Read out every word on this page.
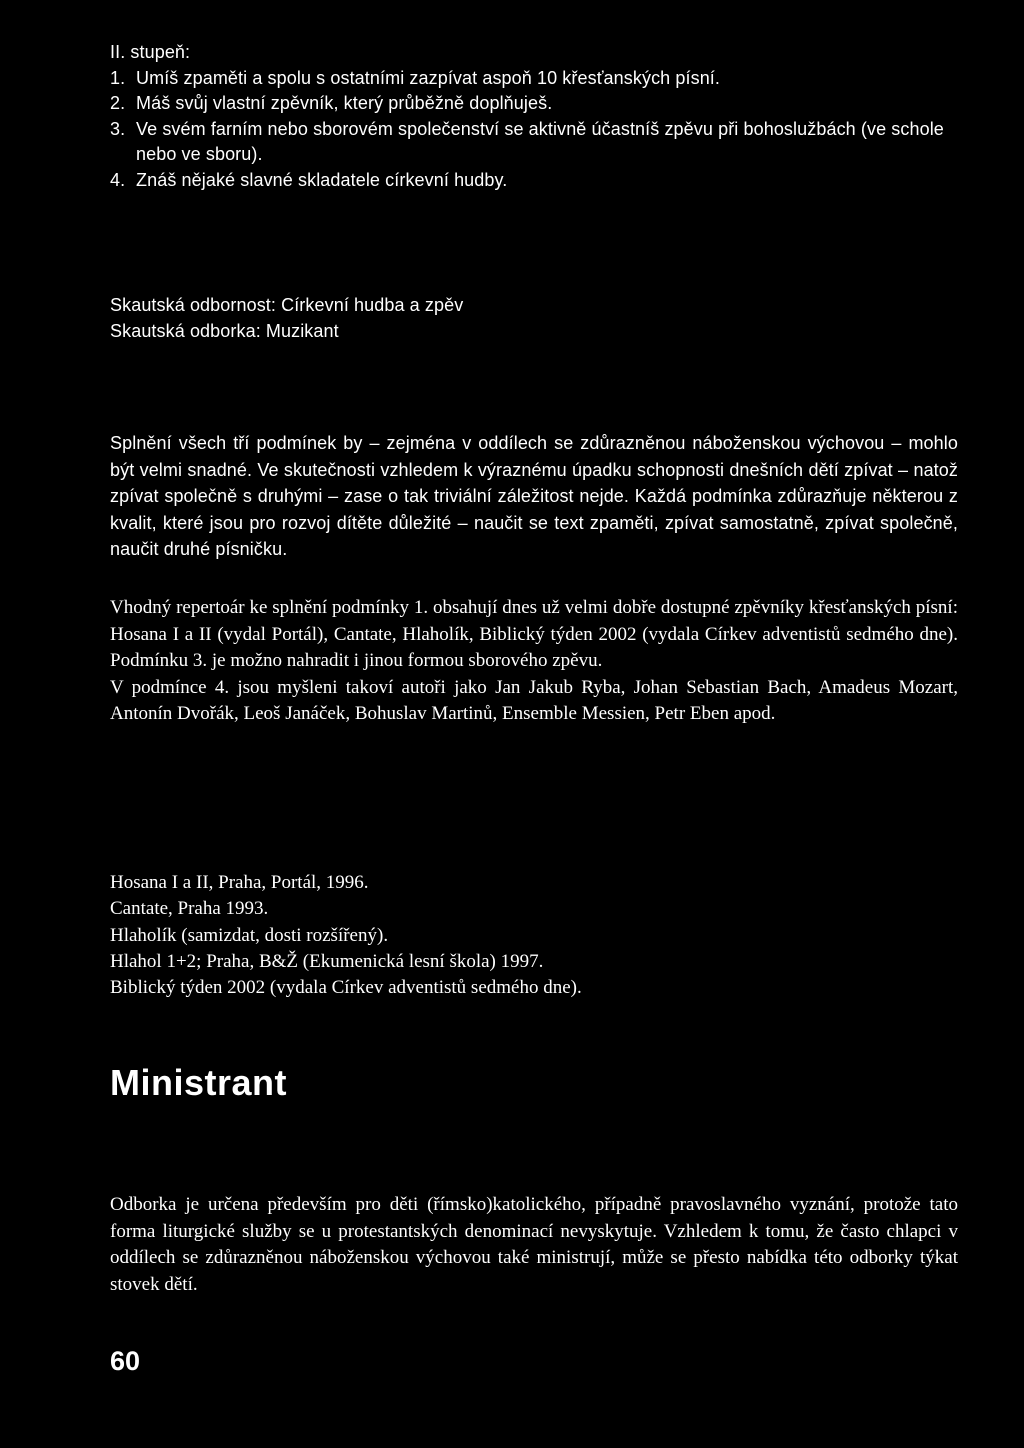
II. stupeň:

1. Umíš zpaměti a spolu s ostatními zazpívat aspoň 10 křesťanských písní.

2. Máš svůj vlastní zpěvník, který průběžně doplňuješ.

3. Ve svém farním nebo sborovém společenství se aktivně účastníš zpěvu při bohoslužbách (ve schole nebo ve sboru).

4. Znáš nějaké slavné skladatele církevní hudby.

Skautská odbornost: Církevní hudba a zpěv

Skautská odborka: Muzikant

Splnění všech tří podmínek by – zejména v oddílech se zdůrazněnou náboženskou výchovou – mohlo být velmi snadné. Ve skutečnosti vzhledem k výraznému úpadku schopnosti dnešních dětí zpívat – natož zpívat společně s druhými – zase o tak triviální záležitost nejde. Každá podmínka zdůrazňuje některou z kvalit, které jsou pro rozvoj dítěte důležité – naučit se text zpaměti, zpívat samostatně, zpívat společně, naučit druhé písničku.

Vhodný repertoár ke splnění podmínky 1. obsahují dnes už velmi dobře dostupné zpěvníky křesťanských písní: Hosana I a II (vydal Portál), Cantate, Hlaholík, Biblický týden 2002 (vydala Církev adventistů sedmého dne). Podmínku 3. je možno nahradit i jinou formou sborového zpěvu.

V podmínce 4. jsou myšleni takoví autoři jako Jan Jakub Ryba, Johan Sebastian Bach, Amadeus Mozart, Antonín Dvořák, Leoš Janáček, Bohuslav Martinů, Ensemble Messien, Petr Eben apod.

Hosana I a II, Praha, Portál, 1996.

Cantate, Praha 1993.

Hlaholík (samizdat, dosti rozšířený).

Hlahol 1+2; Praha, B&Ž (Ekumenická lesní škola) 1997.

Biblický týden 2002 (vydala Církev adventistů sedmého dne).

Ministrant

Odborka je určena především pro děti (římsko)katolického, případně pravoslavného vyznání, protože tato forma liturgické služby se u protestantských denominací nevyskytuje. Vzhledem k tomu, že často chlapci v oddílech se zdůrazněnou náboženskou výchovou také ministrují, může se přesto nabídka této odborky týkat stovek dětí.

60
